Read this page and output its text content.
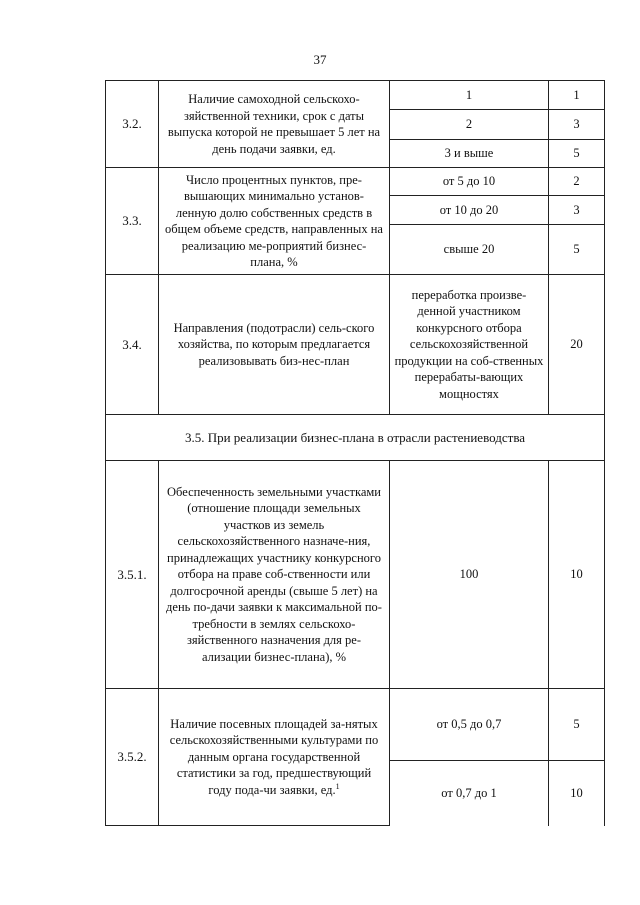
37
3.2.	Наличие самоходной сельскохо-зяйственной техники, срок с даты выпуска которой не превышает 5 лет на день подачи заявки, ед.	1	1
		2	3
		3 и выше	5
3.3.	Число процентных пунктов, пре-вышающих минимально установ-ленную долю собственных средств в общем объеме средств, направленных на реализацию ме-роприятий бизнес-плана, %	от 5 до 10	2
		от 10 до 20	3
		свыше 20	5
3.4.	Направления (подотрасли) сель-ского хозяйства, по которым предлагается реализовывать биз-нес-план	переработка произве-денной участником конкурсного отбора сельскохозяйственной продукции на соб-ственных перерабаты-вающих мощностях	20
3.5. При реализации бизнес-плана в отрасли растениеводства			
3.5.1.	Обеспеченность земельными участками (отношение площади земельных участков из земель сельскохозяйственного назначе-ния, принадлежащих участнику конкурсного отбора на праве соб-ственности или долгосрочной аренды (свыше 5 лет) на день по-дачи заявки к максимальной по-требности в землях сельскохо-зяйственного назначения для ре-ализации бизнес-плана), %	100	10
3.5.2.	Наличие посевных площадей за-нятых сельскохозяйственными культурами по данным органа государственной статистики за год, предшествующий году пода-чи заявки, ед.$^1$	от 0,5 до 0,7	5
		от 0,7 до 1	10
